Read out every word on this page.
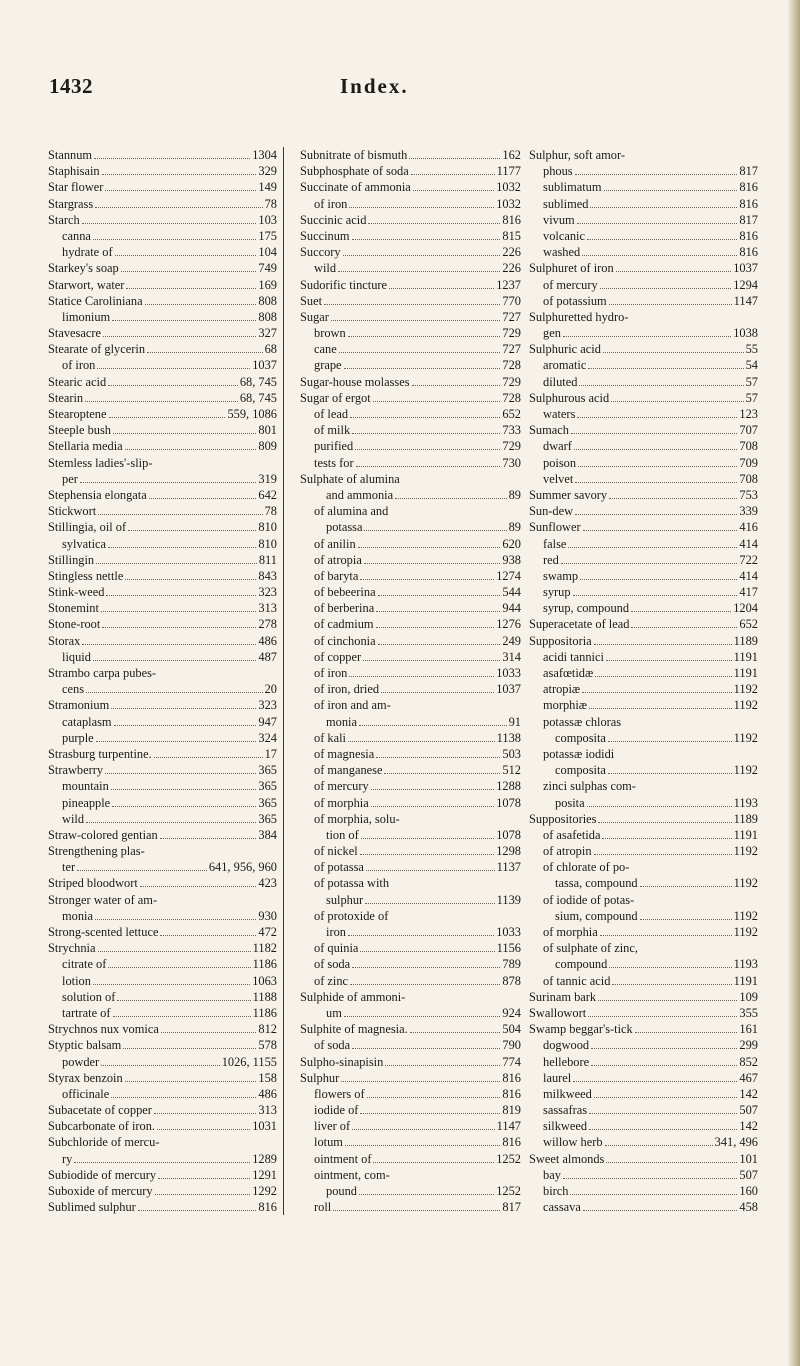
1432	Index.
Stannum	1304
Staphisain	329
Star flower	149
Stargrass	78
Starch	103
canna	175
hydrate of	104
Starkey's soap	749
Starwort, water	169
Statice Caroliniana	808
limonium	808
Stavesacre	327
Stearate of glycerin	68
of iron	1037
Stearic acid	68, 745
Stearin	68, 745
Stearoptene	559, 1086
Steeple bush	801
Stellaria media	809
Stemless ladies'-slip-
per	319
Stephensia elongata	642
Stickwort	78
Stillingia, oil of	810
sylvatica	810
Stillingin	811
Stingless nettle	843
Stink-weed	323
Stonemint	313
Stone-root	278
Storax	486
liquid	487
Strambo carpa pubes-
cens	20
Stramonium	323
cataplasm	947
purple	324
Strasburg turpentine.	17
Strawberry	365
mountain	365
pineapple	365
wild	365
Straw-colored gentian	384
Strengthening plas-
ter	641, 956, 960
Striped bloodwort	423
Stronger water of am-
monia	930
Strong-scented lettuce	472
Strychnia	1182
citrate of	1186
lotion	1063
solution of	1188
tartrate of	1186
Strychnos nux vomica	812
Styptic balsam	578
powder	1026, 1155
Styrax benzoin	158
officinale	486
Subacetate of copper	313
Subcarbonate of iron.	1031
Subchloride of mercu-
ry	1289
Subiodide of mercury	1291
Suboxide of mercury	1292
Sublimed sulphur	816
Subnitrate of bismuth	162
Subphosphate of soda	1177
Succinate of ammonia	1032
of iron	1032
Succinic acid	816
Succinum	815
Succory	226
wild	226
Sudorific tincture	1237
Suet	770
Sugar	727
brown	729
cane	727
grape	728
Sugar-house molasses	729
Sugar of ergot	728
of lead	652
of milk	733
purified	729
tests for	730
Sulphate of alumina
and ammonia	89
of alumina and
potassa	89
of anilin	620
of atropia	938
of baryta	1274
of bebeerina	544
of berberina	944
of cadmium	1276
of cinchonia	249
of copper	314
of iron	1033
of iron, dried	1037
of iron and am-
monia	91
of kali	1138
of magnesia	503
of manganese	512
of mercury	1288
of morphia	1078
of morphia, solu-
tion of	1078
of nickel	1298
of potassa	1137
of potassa with
sulphur	1139
of protoxide of
iron	1033
of quinia	1156
of soda	789
of zinc	878
Sulphide of ammoni-
um	924
Sulphite of magnesia.	504
of soda	790
Sulpho-sinapisin	774
Sulphur	816
flowers of	816
iodide of	819
liver of	1147
lotum	816
ointment of	1252
ointment, com-
pound	1252
roll	817
Sulphur, soft amor-
phous	817
sublimatum	816
sublimed	816
vivum	817
volcanic	816
washed	816
Sulphuret of iron	1037
of mercury	1294
of potassium	1147
Sulphuretted hydro-
gen	1038
Sulphuric acid	55
aromatic	54
diluted	57
Sulphurous acid	57
waters	123
Sumach	707
dwarf	708
poison	709
velvet	708
Summer savory	753
Sun-dew	339
Sunflower	416
false	414
red	722
swamp	414
syrup	417
syrup, compound	1204
Superacetate of lead	652
Suppositoria	1189
acidi tannici	1191
asafœtidæ	1191
atropiæ	1192
morphiæ	1192
potassæ chloras
composita	1192
potassæ iodidi
composita	1192
zinci sulphas com-
posita	1193
Suppositories	1189
of asafetida	1191
of atropin	1192
of chlorate of po-
tassa, compound	1192
of iodide of potas-
sium, compound	1192
of morphia	1192
of sulphate of zinc,
compound	1193
of tannic acid	1191
Surinam bark	109
Swallowort	355
Swamp beggar's-tick	161
dogwood	299
hellebore	852
laurel	467
milkweed	142
sassafras	507
silkweed	142
willow herb	341, 496
Sweet almonds	101
bay	507
birch	160
cassava	458
